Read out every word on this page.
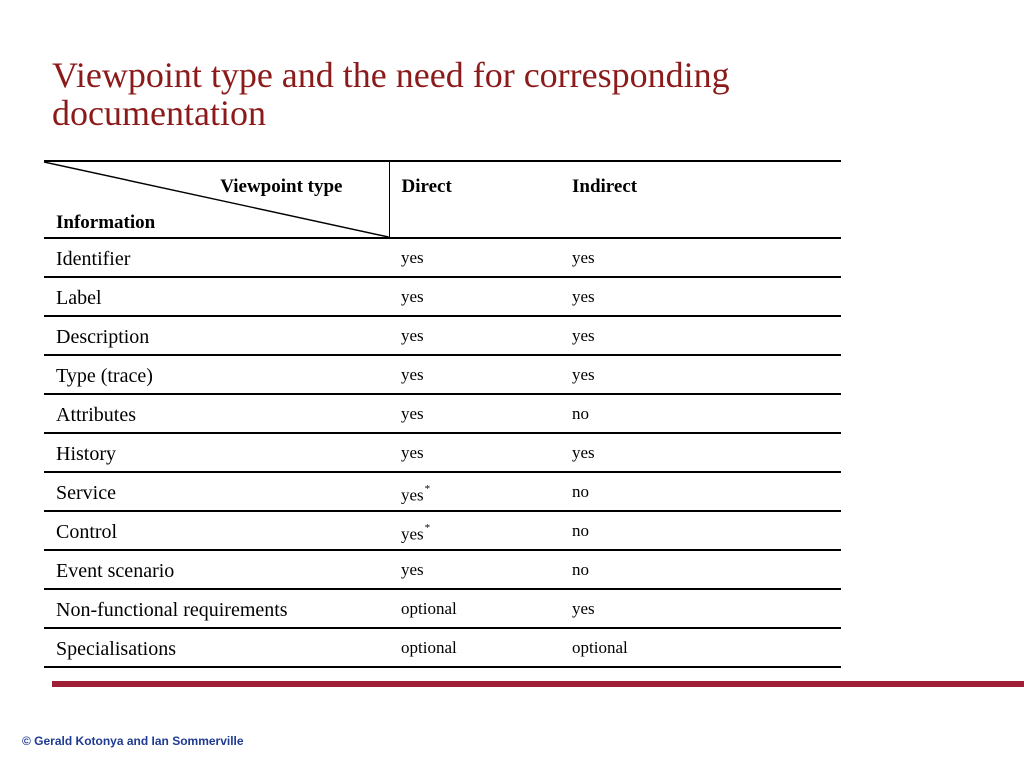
Viewpoint type and the need for corresponding documentation
Viewpoint type
Information	Direct	Indirect

Identifier	yes	yes
Label	yes	yes
Description	yes	yes
Type (trace)	yes	yes
Attributes	yes	no
History	yes	yes
Service	yes*	no
Control	yes*	no
Event scenario	yes	no
Non-functional requirements	optional	yes
Specialisations	optional	optional
© Gerald Kotonya and Ian Sommerville
